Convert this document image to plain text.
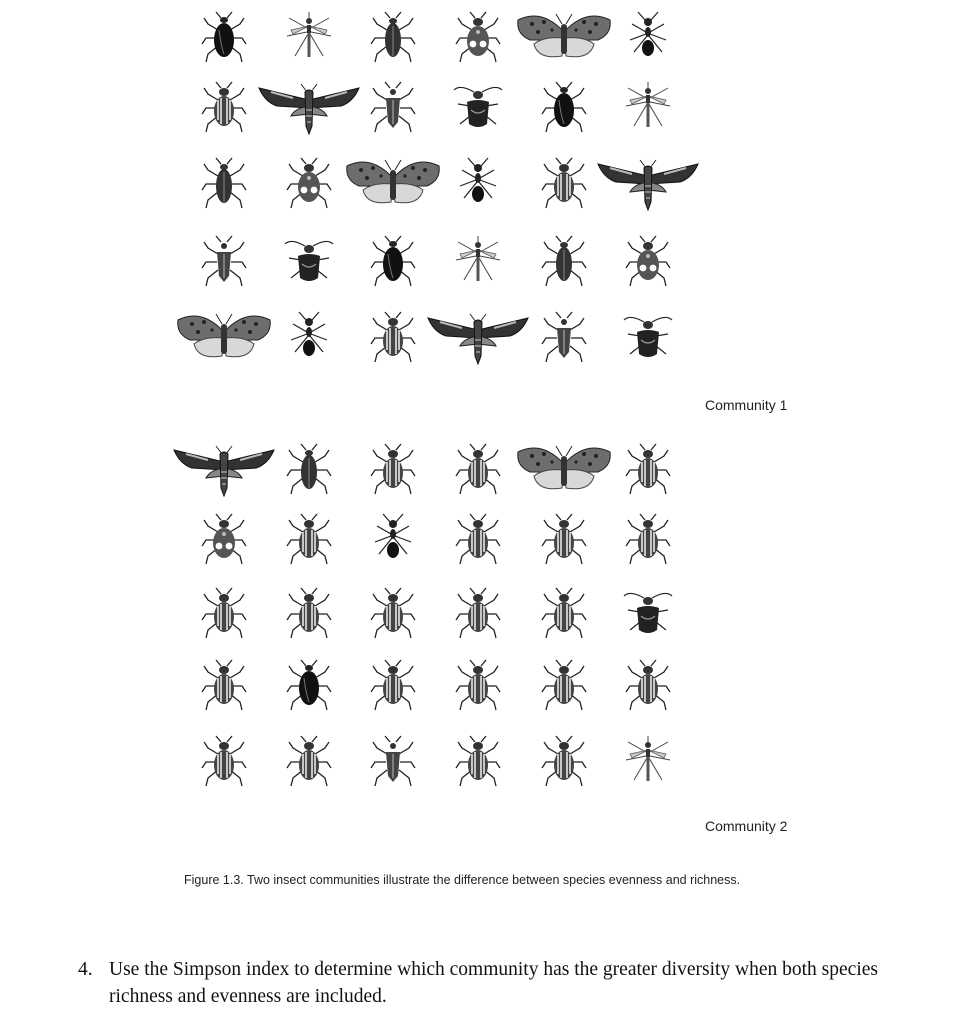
Community 1
Community 2
Figure 1.3. Two insect communities illustrate the difference between species evenness and richness.
4. Use the Simpson index to determine which community has the greater diversity when both species richness and evenness are included.
